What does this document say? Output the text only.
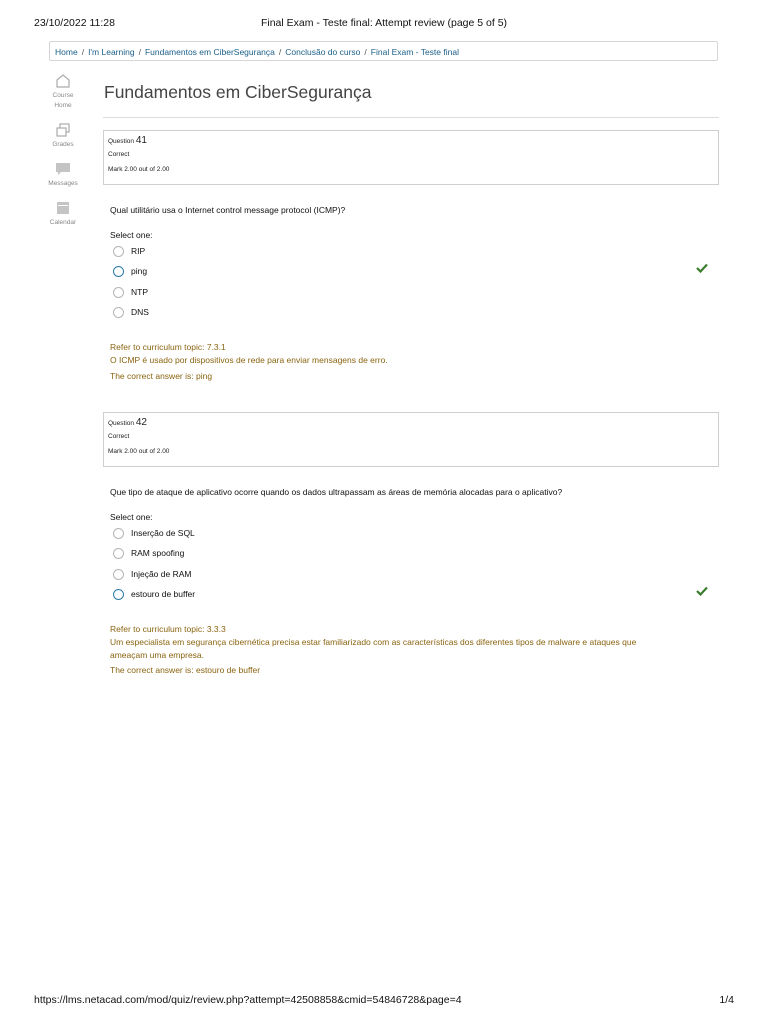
23/10/2022 11:28	Final Exam - Teste final: Attempt review (page 5 of 5)
Home / I'm Learning / Fundamentos em CiberSegurança / Conclusão do curso / Final Exam - Teste final
Course
Home
Grades
Messages
Calendar
Fundamentos em CiberSegurança
Question 41
Correct
Mark 2.00 out of 2.00
Qual utilitário usa o Internet control message protocol (ICMP)?
Select one:
RIP
ping
NTP
DNS

Refer to curriculum topic: 7.3.1

O ICMP é usado por dispositivos de rede para enviar mensagens de erro.

The correct answer is: ping
Question 42
Correct
Mark 2.00 out of 2.00
Que tipo de ataque de aplicativo ocorre quando os dados ultrapassam as áreas de memória alocadas para o aplicativo?
Select one:
Inserção de SQL
RAM spoofing
Injeção de RAM
estouro de buffer

Refer to curriculum topic: 3.3.3

Um especialista em segurança cibernética precisa estar familiarizado com as características dos diferentes tipos de malware e ataques que ameaçam uma empresa.

The correct answer is: estouro de buffer
https://lms.netacad.com/mod/quiz/review.php?attempt=42508858&cmid=54846728&page=4	1/4
